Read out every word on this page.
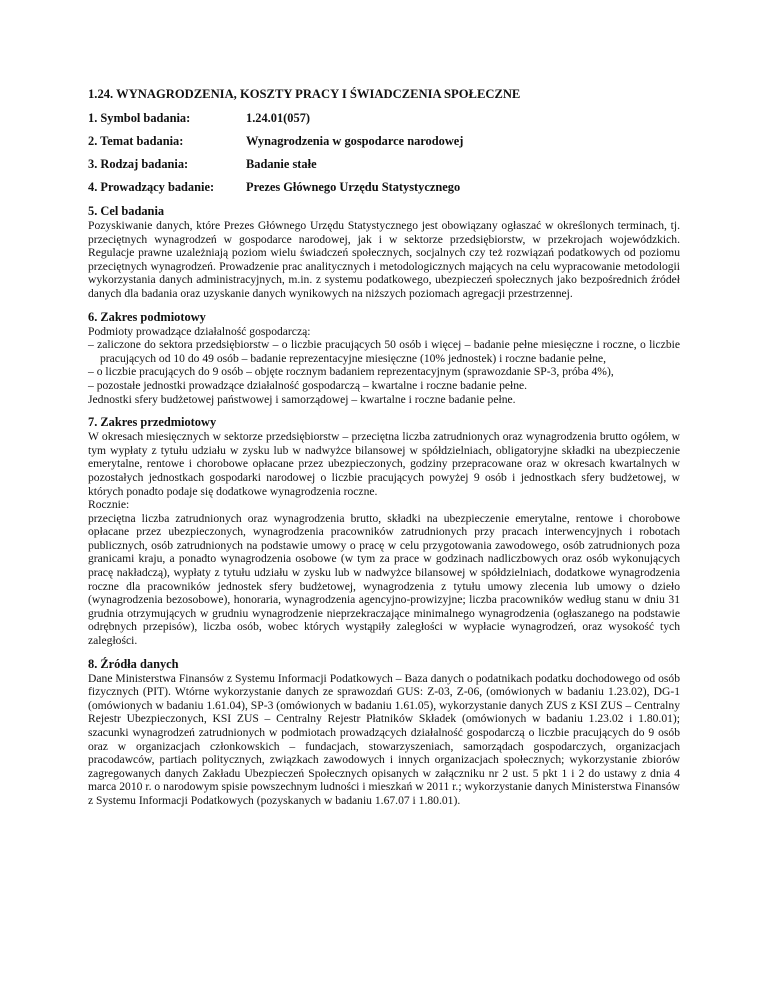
1.24. WYNAGRODZENIA, KOSZTY PRACY I ŚWIADCZENIA SPOŁECZNE
1. Symbol badania:	1.24.01(057)
2. Temat badania:	Wynagrodzenia w gospodarce narodowej
3. Rodzaj badania:	Badanie stałe
4. Prowadzący badanie:	Prezes Głównego Urzędu Statystycznego
5. Cel badania

Pozyskiwanie danych, które Prezes Głównego Urzędu Statystycznego jest obowiązany ogłaszać w określonych terminach, tj. przeciętnych wynagrodzeń w gospodarce narodowej, jak i w sektorze przedsiębiorstw, w przekrojach wojewódzkich. Regulacje prawne uzależniają poziom wielu świadczeń społecznych, socjalnych czy też rozwiązań podatkowych od poziomu przeciętnych wynagrodzeń. Prowadzenie prac analitycznych i metodologicznych mających na celu wypracowanie metodologii wykorzystania danych administracyjnych, m.in. z systemu podatkowego, ubezpieczeń społecznych jako bezpośrednich źródeł danych dla badania oraz uzyskanie danych wynikowych na niższych poziomach agregacji przestrzennej.

6. Zakres podmiotowy

Podmioty prowadzące działalność gospodarczą:

– zaliczone do sektora przedsiębiorstw – o liczbie pracujących 50 osób i więcej – badanie pełne miesięczne i roczne, o liczbie pracujących od 10 do 49 osób – badanie reprezentacyjne miesięczne (10% jednostek) i roczne badanie pełne,
– o liczbie pracujących do 9 osób – objęte rocznym badaniem reprezentacyjnym (sprawozdanie SP-3, próba 4%),
– pozostałe jednostki prowadzące działalność gospodarczą – kwartalne i roczne badanie pełne.

Jednostki sfery budżetowej państwowej i samorządowej – kwartalne i roczne badanie pełne.

7. Zakres przedmiotowy

W okresach miesięcznych w sektorze przedsiębiorstw – przeciętna liczba zatrudnionych oraz wynagrodzenia brutto ogółem, w tym wypłaty z tytułu udziału w zysku lub w nadwyżce bilansowej w spółdzielniach, obligatoryjne składki na ubezpieczenie emerytalne, rentowe i chorobowe opłacane przez ubezpieczonych, godziny przepracowane oraz w okresach kwartalnych w pozostałych jednostkach gospodarki narodowej o liczbie pracujących powyżej 9 osób i jednostkach sfery budżetowej, w których ponadto podaje się dodatkowe wynagrodzenia roczne.

Rocznie:

przeciętna liczba zatrudnionych oraz wynagrodzenia brutto, składki na ubezpieczenie emerytalne, rentowe i chorobowe opłacane przez ubezpieczonych, wynagrodzenia pracowników zatrudnionych przy pracach interwencyjnych i robotach publicznych, osób zatrudnionych na podstawie umowy o pracę w celu przygotowania zawodowego, osób zatrudnionych poza granicami kraju, a ponadto wynagrodzenia osobowe (w tym za prace w godzinach nadliczbowych oraz osób wykonujących pracę nakładczą), wypłaty z tytułu udziału w zysku lub w nadwyżce bilansowej w spółdzielniach, dodatkowe wynagrodzenia roczne dla pracowników jednostek sfery budżetowej, wynagrodzenia z tytułu umowy zlecenia lub umowy o dzieło (wynagrodzenia bezosobowe), honoraria, wynagrodzenia agencyjno-prowizyjne; liczba pracowników według stanu w dniu 31 grudnia otrzymujących w grudniu wynagrodzenie nieprzekraczające minimalnego wynagrodzenia (ogłaszanego na podstawie odrębnych przepisów), liczba osób, wobec których wystąpiły zaległości w wypłacie wynagrodzeń, oraz wysokość tych zaległości.

8. Źródła danych

Dane Ministerstwa Finansów z Systemu Informacji Podatkowych – Baza danych o podatnikach podatku dochodowego od osób fizycznych (PIT). Wtórne wykorzystanie danych ze sprawozdań GUS: Z-03, Z-06, (omówionych w badaniu 1.23.02), DG-1 (omówionych w badaniu 1.61.04), SP-3 (omówionych w badaniu 1.61.05), wykorzystanie danych ZUS z KSI ZUS – Centralny Rejestr Ubezpieczonych, KSI ZUS – Centralny Rejestr Płatników Składek (omówionych w badaniu 1.23.02 i 1.80.01); szacunki wynagrodzeń zatrudnionych w podmiotach prowadzących działalność gospodarczą o liczbie pracujących do 9 osób oraz w organizacjach członkowskich – fundacjach, stowarzyszeniach, samorządach gospodarczych, organizacjach pracodawców, partiach politycznych, związkach zawodowych i innych organizacjach społecznych; wykorzystanie zbiorów zagregowanych danych Zakładu Ubezpieczeń Społecznych opisanych w załączniku nr 2 ust. 5 pkt 1 i 2 do ustawy z dnia 4 marca 2010 r. o narodowym spisie powszechnym ludności i mieszkań w 2011 r.; wykorzystanie danych Ministerstwa Finansów z Systemu Informacji Podatkowych (pozyskanych w badaniu 1.67.07 i 1.80.01).
